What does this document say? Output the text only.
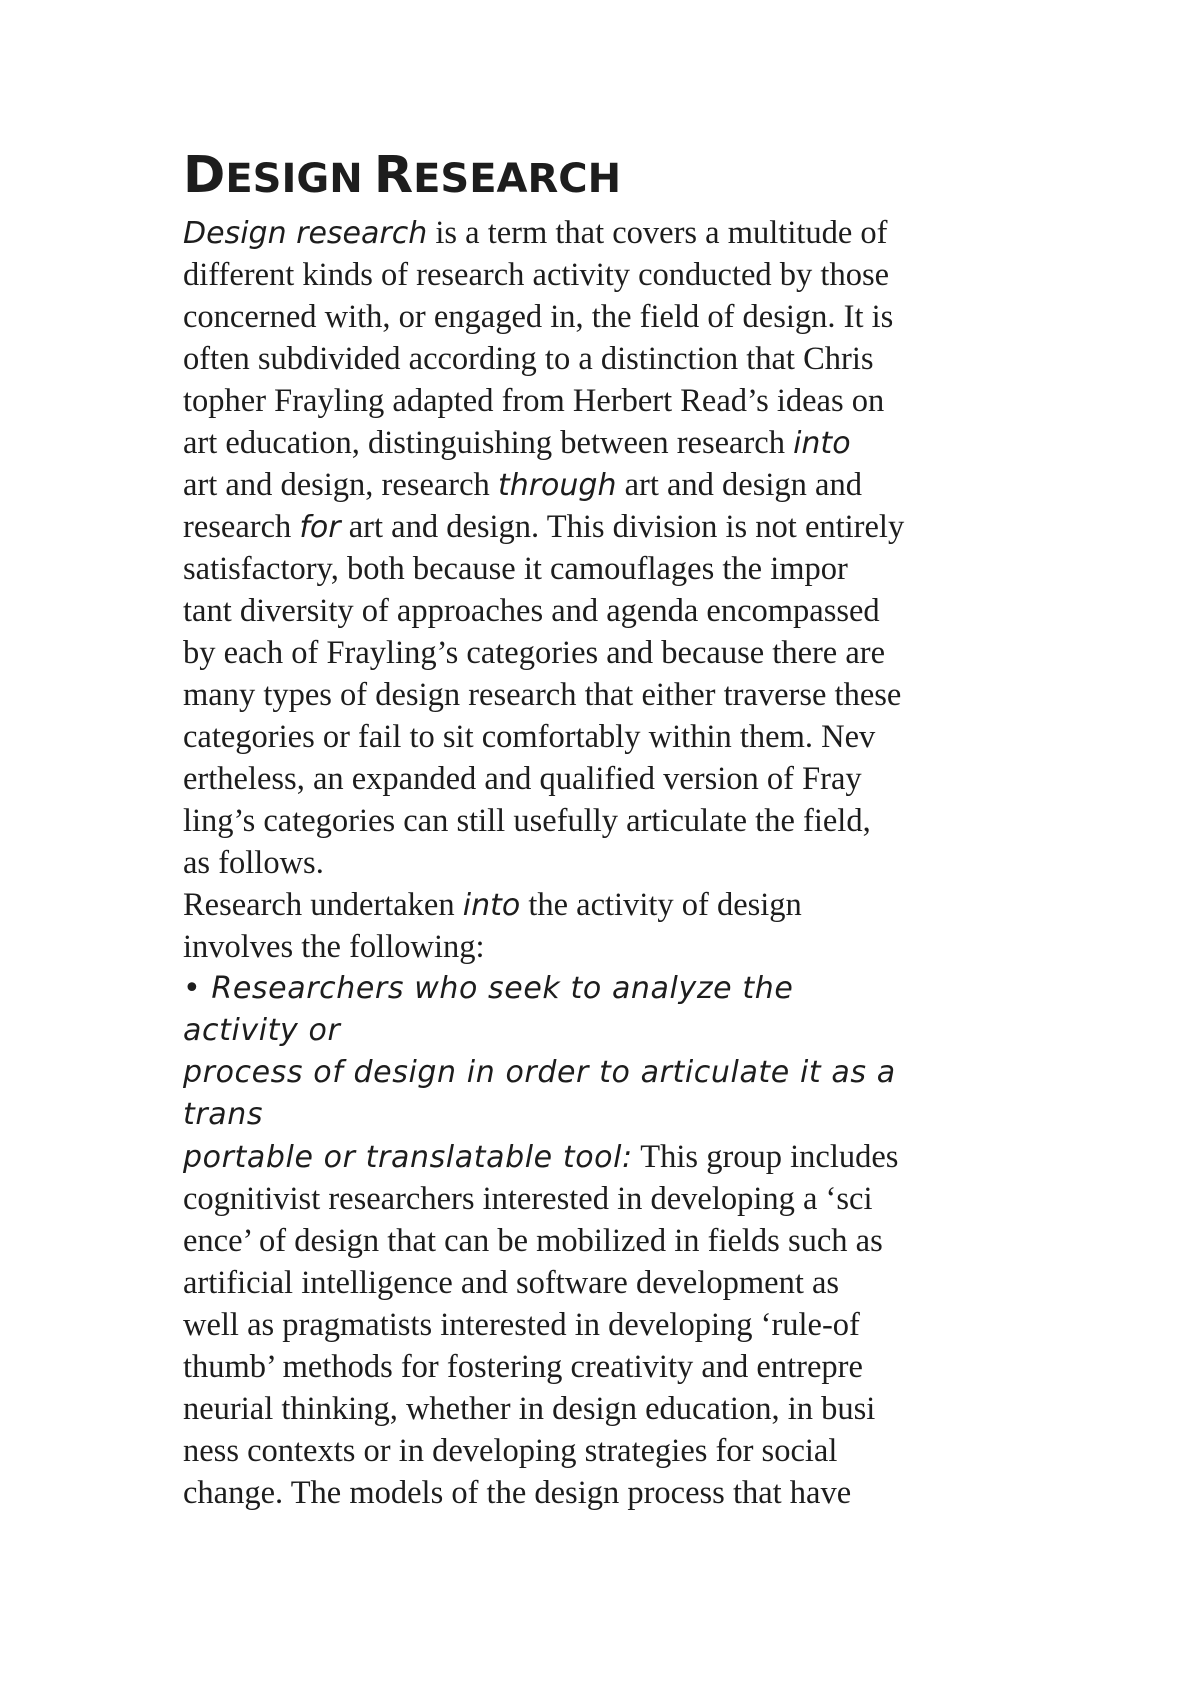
DESIGN RESEARCH
Design research is a term that covers a multitude of
different kinds of research activity conducted by those
concerned with, or engaged in, the field of design. It is
often subdivided according to a distinction that Chris
topher Frayling adapted from Herbert Read’s ideas on
art education, distinguishing between research into
art and design, research through art and design and
research for art and design. This division is not entirely
satisfactory, both because it camouflages the impor
tant diversity of approaches and agenda encompassed
by each of Frayling’s categories and because there are
many types of design research that either traverse these
categories or fail to sit comfortably within them. Nev
ertheless, an expanded and qualified version of Fray
ling’s categories can still usefully articulate the field,
as follows.
Research undertaken into the activity of design
involves the following:
• Researchers who seek to analyze the
activity or
process of design in order to articulate it as a
trans
portable or translatable tool: This group includes
cognitivist researchers interested in developing a ‘sci
ence’ of design that can be mobilized in fields such as
artificial intelligence and software development as
well as pragmatists interested in developing ‘rule-of
thumb’ methods for fostering creativity and entrepre
neurial thinking, whether in design education, in busi
ness contexts or in developing strategies for social
change. The models of the design process that have
